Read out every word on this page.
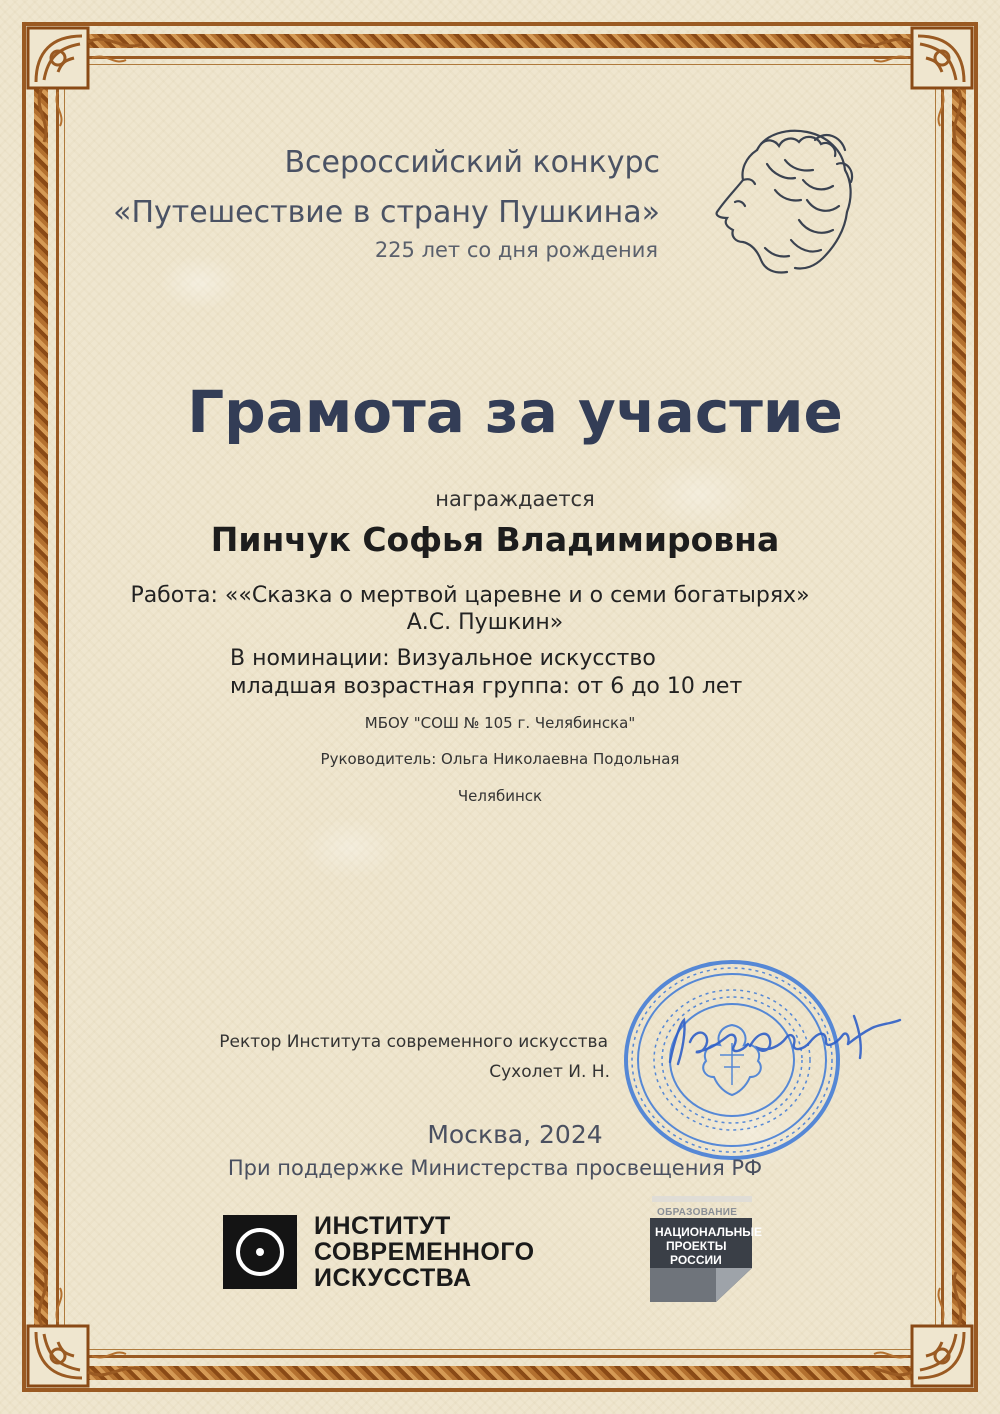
Всероссийский конкурс
«Путешествие в страну Пушкина»
225 лет со дня рождения
Грамота за участие
награждается
Пинчук Софья Владимировна
Работа: ««Сказка о мертвой царевне и о семи богатырях»
А.С. Пушкин»
В номинации: Визуальное искусство
младшая возрастная группа: от 6 до 10 лет
МБОУ "СОШ № 105 г. Челябинска"
Руководитель: Ольга Николаевна Подольная
Челябинск
Ректор Института современного искусства
Сухолет И. Н.
Москва, 2024
При поддержке Министерства просвещения РФ
ИНСТИТУТ
СОВРЕМЕННОГО
ИСКУССТВА
ОБРАЗОВАНИЕ
НАЦИОНАЛЬНЫЕ
ПРОЕКТЫ
РОССИИ
